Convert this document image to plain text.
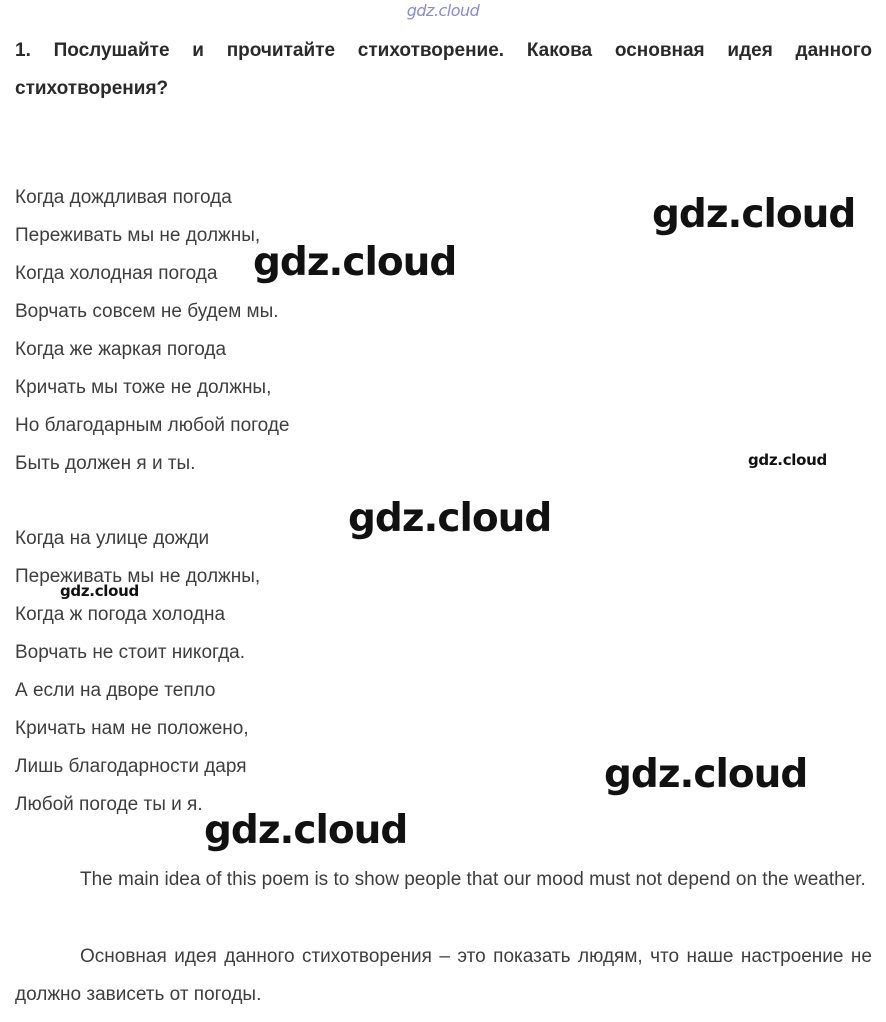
gdz.cloud
1. Послушайте и прочитайте стихотворение. Какова основная идея данного стихотворения?
Когда дождливая погода
Переживать мы не должны,
Когда холодная погода
Ворчать совсем не будем мы.
Когда же жаркая погода
Кричать мы тоже не должны,
Но благодарным любой погоде
Быть должен я и ты.
Когда на улице дожди
Переживать мы не должны,
Когда ж погода холодна
Ворчать не стоит никогда.
А если на дворе тепло
Кричать нам не положено,
Лишь благодарности даря
Любой погоде ты и я.

The main idea of this poem is to show people that our mood must not depend on the weather.

Основная идея данного стихотворения – это показать людям, что наше настроение не должно зависеть от погоды.

gdz.cloud
gdz.cloud
gdz.cloud
gdz.cloud
gdz.cloud
gdz.cloud
gdz.cloud
